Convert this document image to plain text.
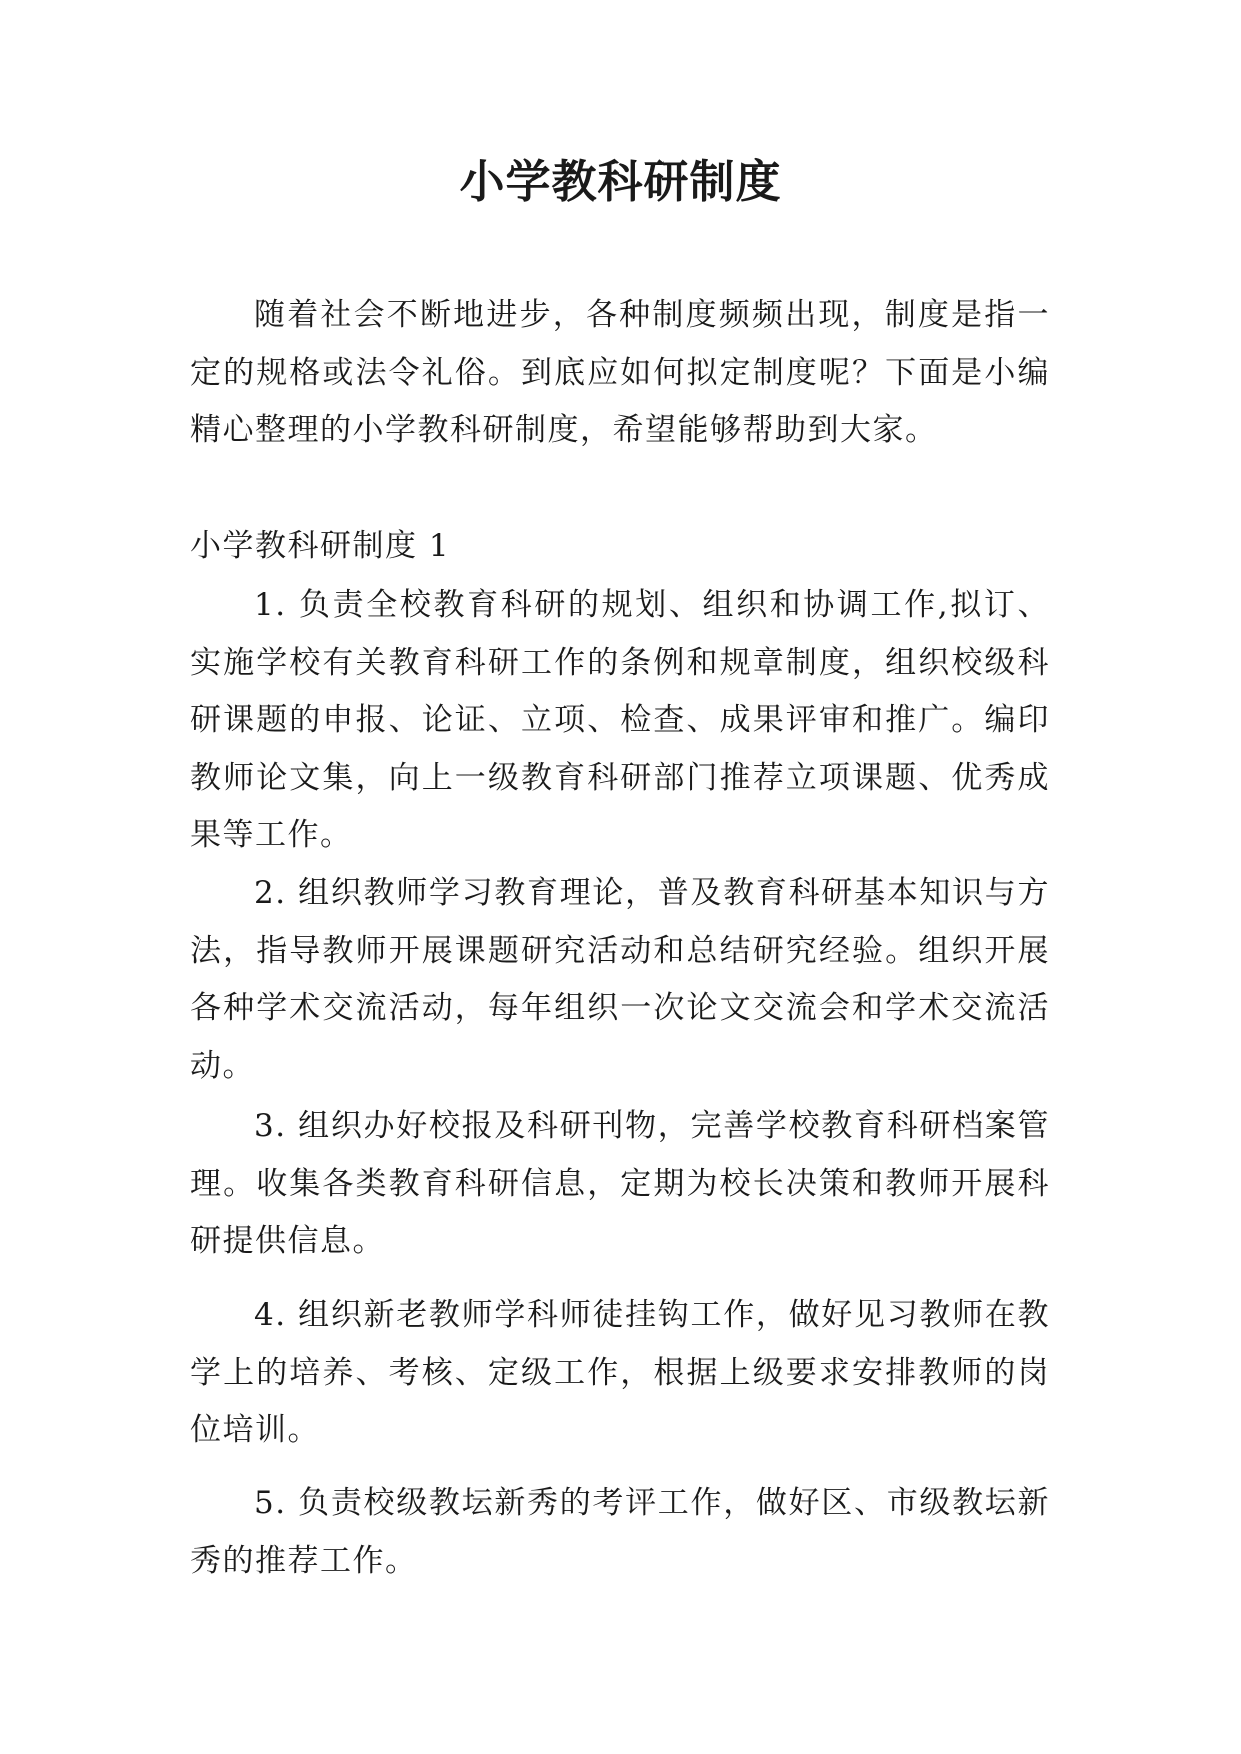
小学教科研制度

随着社会不断地进步，各种制度频频出现，制度是指一定的规格或法令礼俗。到底应如何拟定制度呢？下面是小编精心整理的小学教科研制度，希望能够帮助到大家。

小学教科研制度 1

1. 负责全校教育科研的规划、组织和协调工作,拟订、实施学校有关教育科研工作的条例和规章制度，组织校级科研课题的申报、论证、立项、检查、成果评审和推广。编印教师论文集，向上一级教育科研部门推荐立项课题、优秀成果等工作。

2. 组织教师学习教育理论，普及教育科研基本知识与方法，指导教师开展课题研究活动和总结研究经验。组织开展各种学术交流活动，每年组织一次论文交流会和学术交流活动。

3. 组织办好校报及科研刊物，完善学校教育科研档案管理。收集各类教育科研信息，定期为校长决策和教师开展科研提供信息。

4. 组织新老教师学科师徒挂钩工作，做好见习教师在教学上的培养、考核、定级工作，根据上级要求安排教师的岗位培训。

5. 负责校级教坛新秀的考评工作，做好区、市级教坛新秀的推荐工作。
